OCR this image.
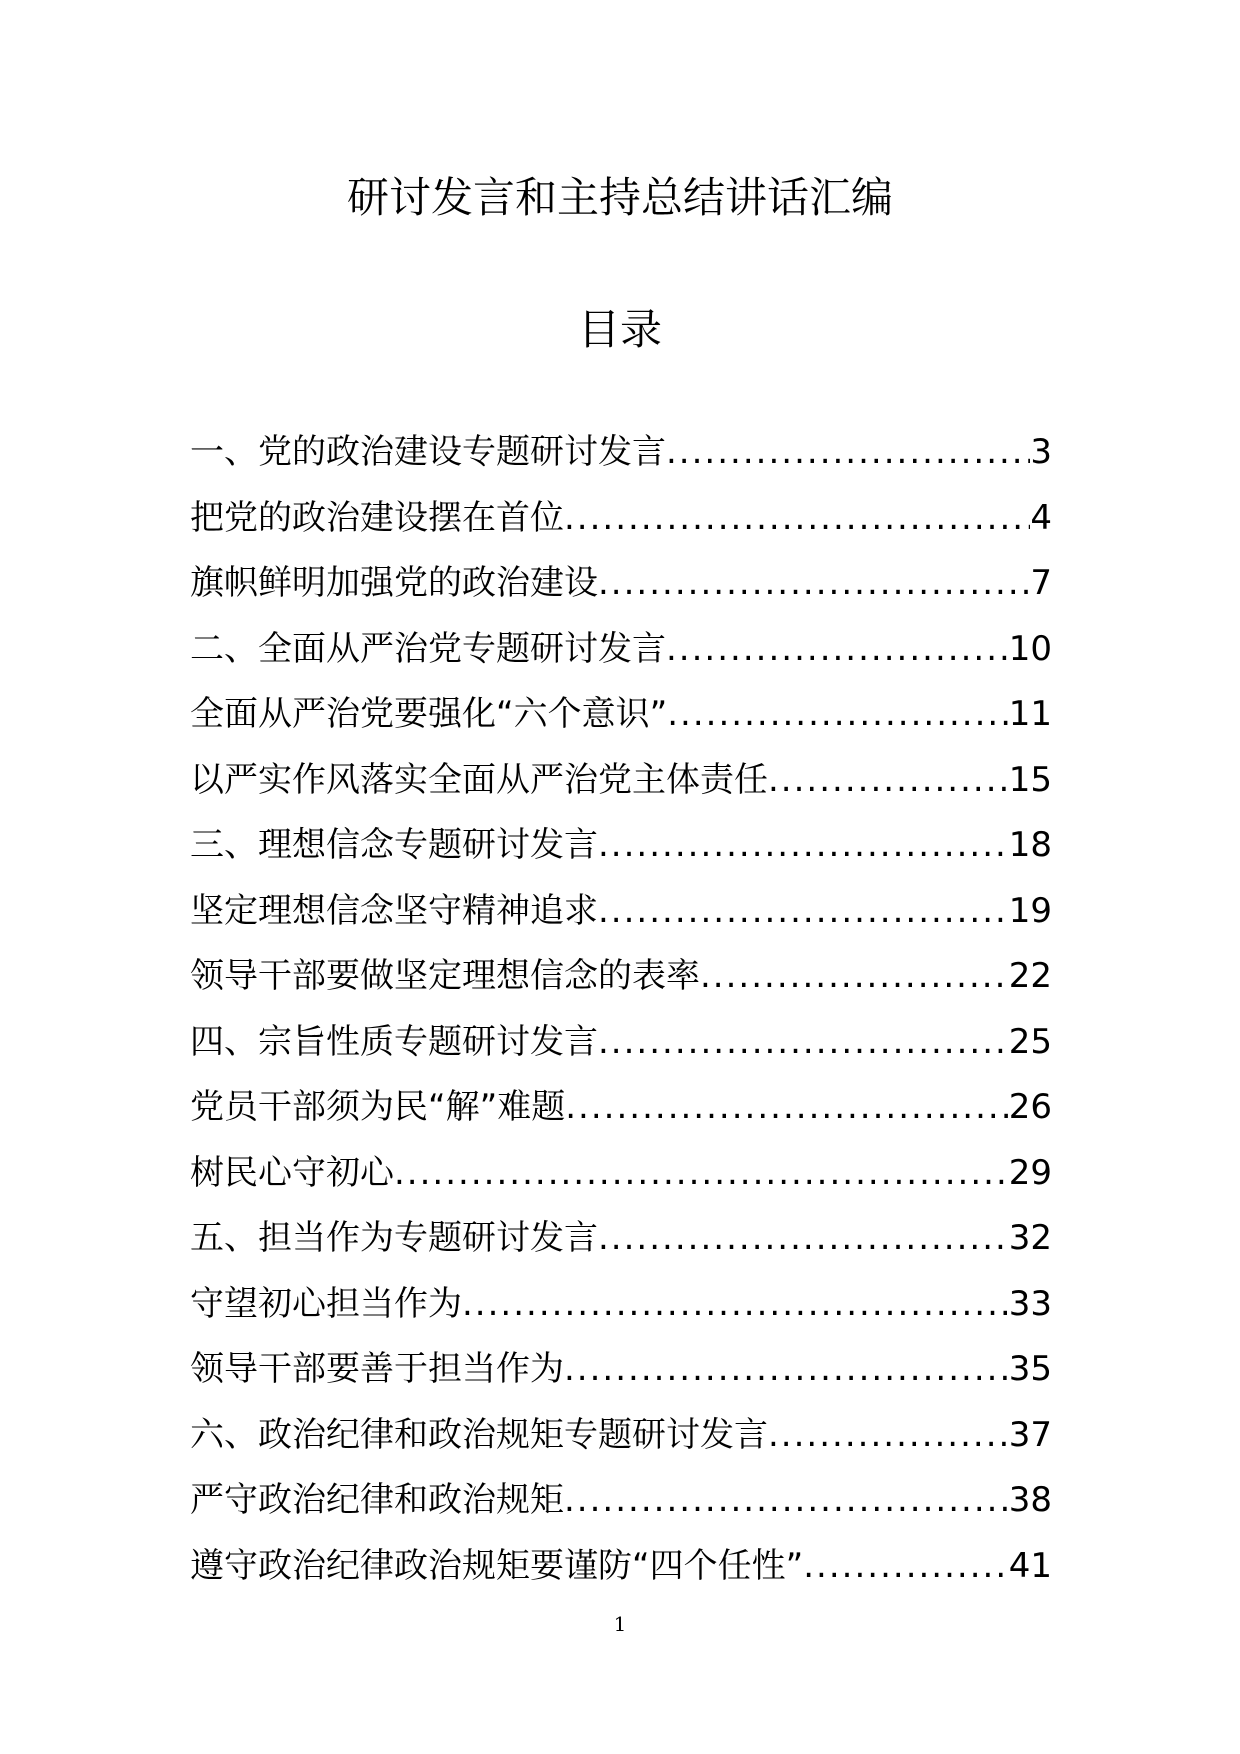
研讨发言和主持总结讲话汇编
目录
一、党的政治建设专题研讨发言 .....	3
把党的政治建设摆在首位 .....	4
旗帜鲜明加强党的政治建设 .....	7
二、全面从严治党专题研讨发言 .....	10
全面从严治党要强化“六个意识” .....	11
以严实作风落实全面从严治党主体责任 .....	15
三、理想信念专题研讨发言 .....	18
坚定理想信念坚守精神追求 .....	19
领导干部要做坚定理想信念的表率 .....	22
四、宗旨性质专题研讨发言 .....	25
党员干部须为民“解”难题 .....	26
树民心守初心 .....	29
五、担当作为专题研讨发言 .....	32
守望初心担当作为 .....	33
领导干部要善于担当作为 .....	35
六、政治纪律和政治规矩专题研讨发言 .....	37
严守政治纪律和政治规矩 .....	38
遵守政治纪律政治规矩要谨防“四个任性” .....	41
1
